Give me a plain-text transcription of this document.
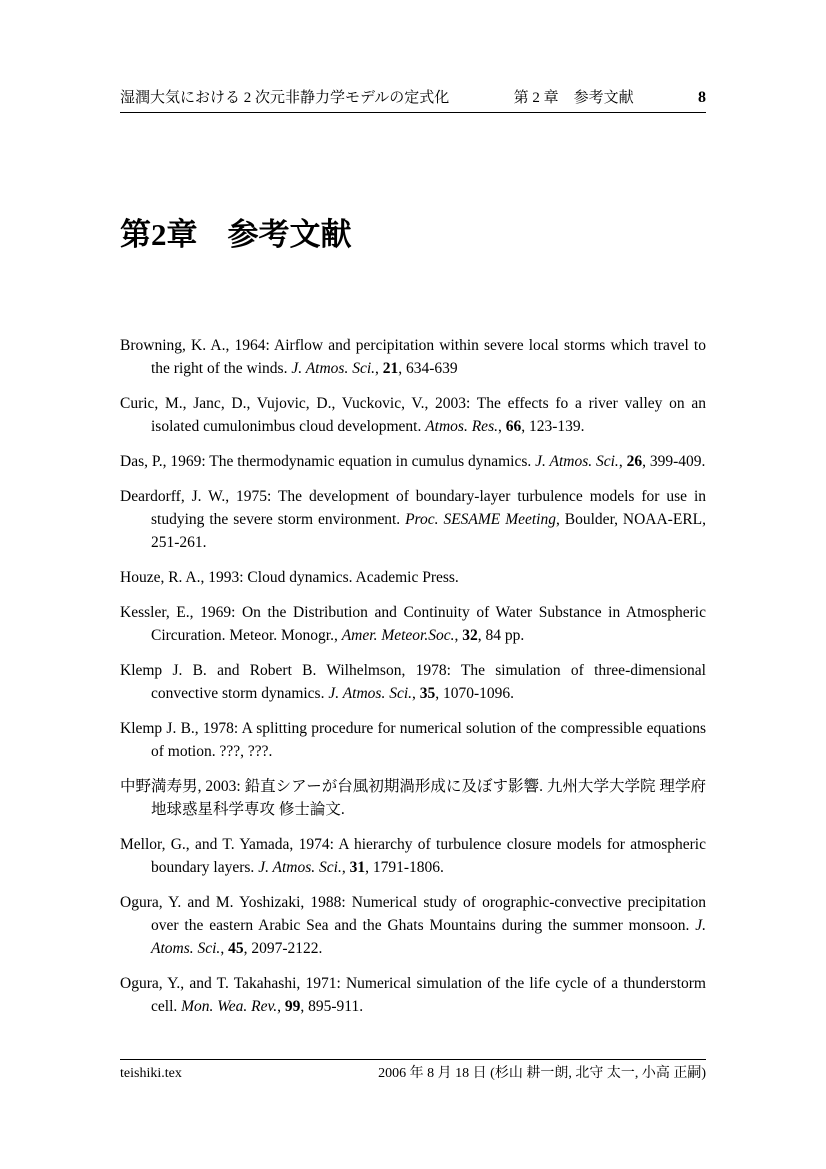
湿潤大気における 2 次元非静力学モデルの定式化	第 2 章　参考文献	8
第2章 参考文献

Browning, K. A., 1964: Airflow and percipitation within severe local storms which travel to the right of the winds. J. Atmos. Sci., 21, 634-639

Curic, M., Janc, D., Vujovic, D., Vuckovic, V., 2003: The effects fo a river valley on an isolated cumulonimbus cloud development. Atmos. Res., 66, 123-139.

Das, P., 1969: The thermodynamic equation in cumulus dynamics. J. Atmos. Sci., 26, 399-409.

Deardorff, J. W., 1975: The development of boundary-layer turbulence models for use in studying the severe storm environment. Proc. SESAME Meeting, Boulder, NOAA-ERL, 251-261.

Houze, R. A., 1993: Cloud dynamics. Academic Press.

Kessler, E., 1969: On the Distribution and Continuity of Water Substance in Atmospheric Circuration. Meteor. Monogr., Amer. Meteor.Soc., 32, 84 pp.

Klemp J. B. and Robert B. Wilhelmson, 1978: The simulation of three-dimensional convective storm dynamics. J. Atmos. Sci., 35, 1070-1096.

Klemp J. B., 1978: A splitting procedure for numerical solution of the compressible equations of motion. ???, ???.

中野満寿男, 2003: 鉛直シアーが台風初期渦形成に及ぼす影響. 九州大学大学院 理学府 地球惑星科学専攻 修士論文.

Mellor, G., and T. Yamada, 1974: A hierarchy of turbulence closure models for atmospheric boundary layers. J. Atmos. Sci., 31, 1791-1806.

Ogura, Y. and M. Yoshizaki, 1988: Numerical study of orographic-convective precipitation over the eastern Arabic Sea and the Ghats Mountains during the summer monsoon. J. Atoms. Sci., 45, 2097-2122.

Ogura, Y., and T. Takahashi, 1971: Numerical simulation of the life cycle of a thunderstorm cell. Mon. Wea. Rev., 99, 895-911.

teishiki.tex	2006 年 8 月 18 日 (杉山 耕一朗, 北守 太一, 小高 正嗣)
